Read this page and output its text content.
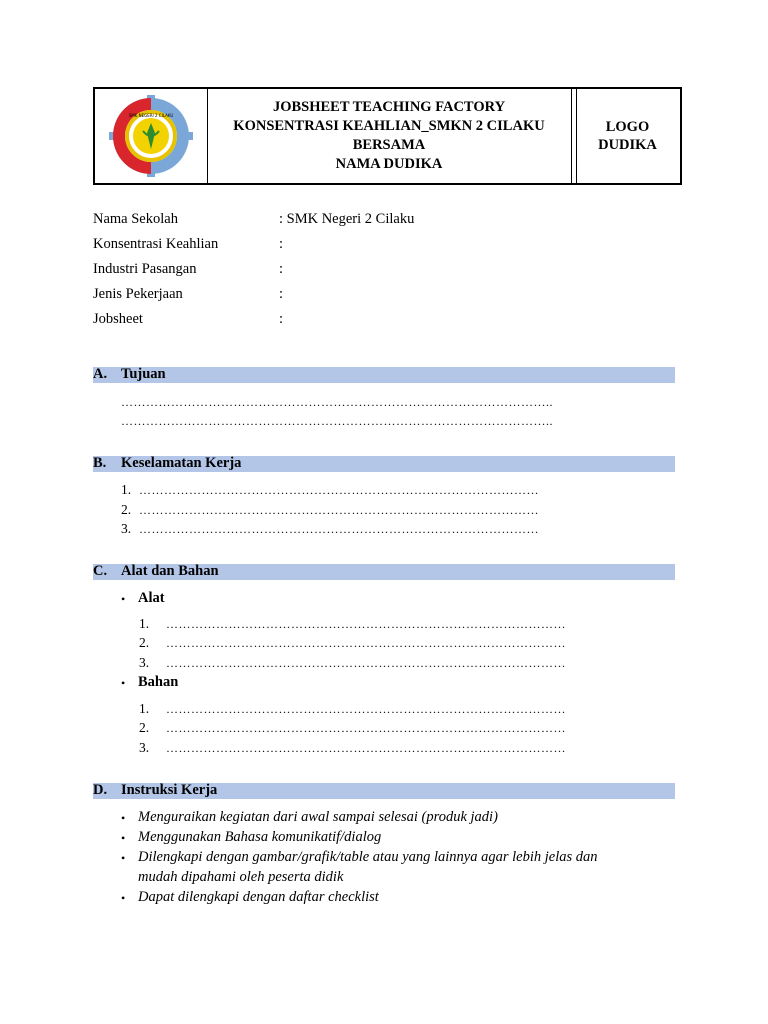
SMK NEGERI 2 CILAKU
JOBSHEET TEACHING FACTORY
KONSENTRASI KEAHLIAN_SMKN 2 CILAKU
BERSAMA
NAMA DUDIKA
LOGO
DUDIKA
Nama Sekolah	: SMK Negeri 2 Cilaku
Konsentrasi Keahlian	:
Industri Pasangan	:
Jenis Pekerjaan	:
Jobsheet	:
A. Tujuan
…………………………………………………………………………………………..
…………………………………………………………………………………………..
B. Keselamatan Kerja
1. ……………………………………………………………………………………
2. ……………………………………………………………………………………
3. ……………………………………………………………………………………
C. Alat dan Bahan
• Alat
1. ……………………………………………………………………………………
2. ……………………………………………………………………………………
3. ……………………………………………………………………………………
• Bahan
1. ……………………………………………………………………………………
2. ……………………………………………………………………………………
3. ……………………………………………………………………………………
D. Instruksi Kerja
• Menguraikan kegiatan dari awal sampai selesai (produk jadi)
• Menggunakan Bahasa komunikatif/dialog
• Dilengkapi dengan gambar/grafik/table atau yang lainnya agar lebih jelas dan
mudah dipahami oleh peserta didik
• Dapat dilengkapi dengan daftar checklist
